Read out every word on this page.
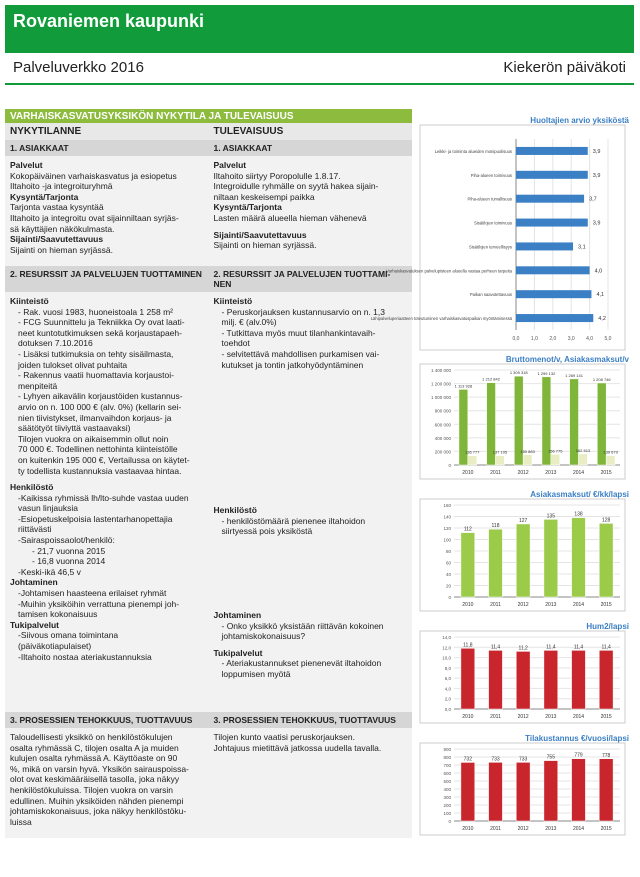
Rovaniemen kaupunki
Palveluverkko 2016	Kiekerön päiväkoti
VARHAISKASVATUSYKSIKÖN NYKYTILA JA TULEVAISUUS
NYKYTILANNE	TULEVAISUUS
1. ASIAKKAAT	1. ASIAKKAAT
Palvelut
Kokopäiväinen varhaiskasvatus ja esiopetus
Iltahoito -ja integroituryhmä
Kysyntä/Tarjonta
Tarjonta vastaa kysyntää
Iltahoito ja integroitu ovat sijainniltaan syrjäs-
sä käyttäjien näkökulmasta.
Sijainti/Saavutettavuus
Sijainti on hieman syrjässä.
Palvelut
Iltahoito siirtyy Poropolulle 1.8.17.
Integroidulle ryhmälle on syytä hakea sijain-
niltaan keskeisempi paikka
Kysyntä/Tarjonta
Lasten määrä alueella hieman vähenevä
Sijainti/Saavutettavuus
Sijainti on hieman syrjässä.
2. RESURSSIT JA PALVELUJEN TUOTTAMINEN	2. RESURSSIT JA PALVELUJEN TUOTTAMI-NEN
Kiinteistö
- Rak. vuosi 1983, huoneistoala 1 258 m²
- FCG Suunnittelu ja Tekniikka Oy ovat laati-
neet kuntotutkimuksen sekä korjaustapaeh-
dotuksen 7.10.2016
- Lisäksi tutkimuksia on tehty sisäilmasta,
joiden tulokset olivat puhtaita
- Rakennus vaatii huomattavia korjaustoi-
menpiteitä
- Lyhyen aikavälin korjaustöiden kustannus-
arvio on n. 100 000 € (alv. 0%) (kellarin sei-
nien tiivistykset, ilmanvaihdon korjaus- ja
säätötyöt tiiviyttä vastaavaksi)
Tilojen vuokra on aikaisemmin ollut noin
70 000 €. Todellinen nettohinta kiinteistölle
on kuitenkin 195 000 €, Vertailussa on käytet-
ty todellista kustannuksia vastaavaa hintaa.
Henkilöstö
-Kaikissa ryhmissä lh/lto-suhde vastaa uuden
vasun linjauksia
-Esiopetuskelpoisia lastentarhanopettajia
riittävästi
-Sairaspoissaolot/henkilö:
- 21,7 vuonna 2015
- 16,8 vuonna 2014
-Keski-ikä 46,5 v
Johtaminen
-Johtamisen haasteena erilaiset ryhmät
-Muihin yksiköihin verrattuna pienempi joh-
tamisen kokonaisuus
Tukipalvelut
-Siivous omana toimintana
(päiväkotiapulaiset)
-Iltahoito nostaa ateriakustannuksia
Kiinteistö
- Peruskorjauksen kustannusarvio on n. 1,3
milj. € (alv.0%)
- Tutkittava myös muut tilanhankintavaih-
toehdot
- selvitettävä mahdollisen purkamisen vai-
kutukset ja tontin jatkohyödyntäminen
Henkilöstö
- henkilöstömäärä pienenee iltahoidon
siirtyessä pois yksiköstä
Johtaminen
- Onko yksikkö yksistään riittävän kokoinen
johtamiskokonaisuus?
Tukipalvelut
- Ateriakustannukset pienenevät iltahoidon
loppumisen myötä
3. PROSESSIEN TEHOKKUUS, TUOTTAVUUS	3. PROSESSIEN TEHOKKUUS, TUOTTAVUUS
Taloudellisesti yksikkö on henkilöstökulujen
osalta ryhmässä C, tilojen osalta A ja muiden
kulujen osalta ryhmässä A. Käyttöaste on 90
%, mikä on varsin hyvä. Yksikön sairauspoissa-
olot ovat keskimääräisellä tasolla, joka näkyy
henkilöstökuluissa. Tilojen vuokra on varsin
edullinen. Muihin yksiköiden nähden pienempi
johtamiskokonaisuus, joka näkyy henkilöstöku-
luissa
Tilojen kunto vaatisi peruskorjauksen.
Johtajuus mietittävä jatkossa uudella tavalla.
Huoltajien arvio yksiköstä
0,0 1,0 2,0 3,0 4,0 5,0
Leikki- ja toiminta alueiden monipuolisuus	3,9
Piha-alueen toimivuus	3,9
Piha-alueen turvallisuus	3,7
Sisätilojen toimivuus	3,9
Sisätilojen terveellisyys	3,1
Varhaiskasvatuksen palvelupisteen alueella vastaa perheen tarpeita	4,0
Paikan saavutettavuus	4,1
Lähipalveluperiaatteen toteutuminen varhaiskasvatuspaikan myöntämisessä	4,2
Bruttomenot/v, Asiakasmaksut/v
0
200 000
400 000
600 000
800 000
1 000 000
1 200 000
1 400 000
2010
1 113 928
136 777
2011
1 212 842
137 105
2012
1 309 318
150 883
2013
1 299 132
156 775
2014
1 269 141
162 513
2015
1 208 746
139 679
Asiakasmaksut/ €/kk/lapsi
0
20
40
60
80
100
120
140
160
2010
112
2011
118
2012
127
2013
135
2014
138
2015
128
Hum2/lapsi
0,0
2,0
4,0
6,0
8,0
10,0
12,0
14,0
2010
11,8
2011
11,4
2012
11,2
2013
11,4
2014
11,4
2015
11,4
Tilakustannus €/vuosi/lapsi
0
100
200
300
400
500
600
700
800
900
2010
732
2011
733
2012
733
2013
755
2014
779
2015
778
